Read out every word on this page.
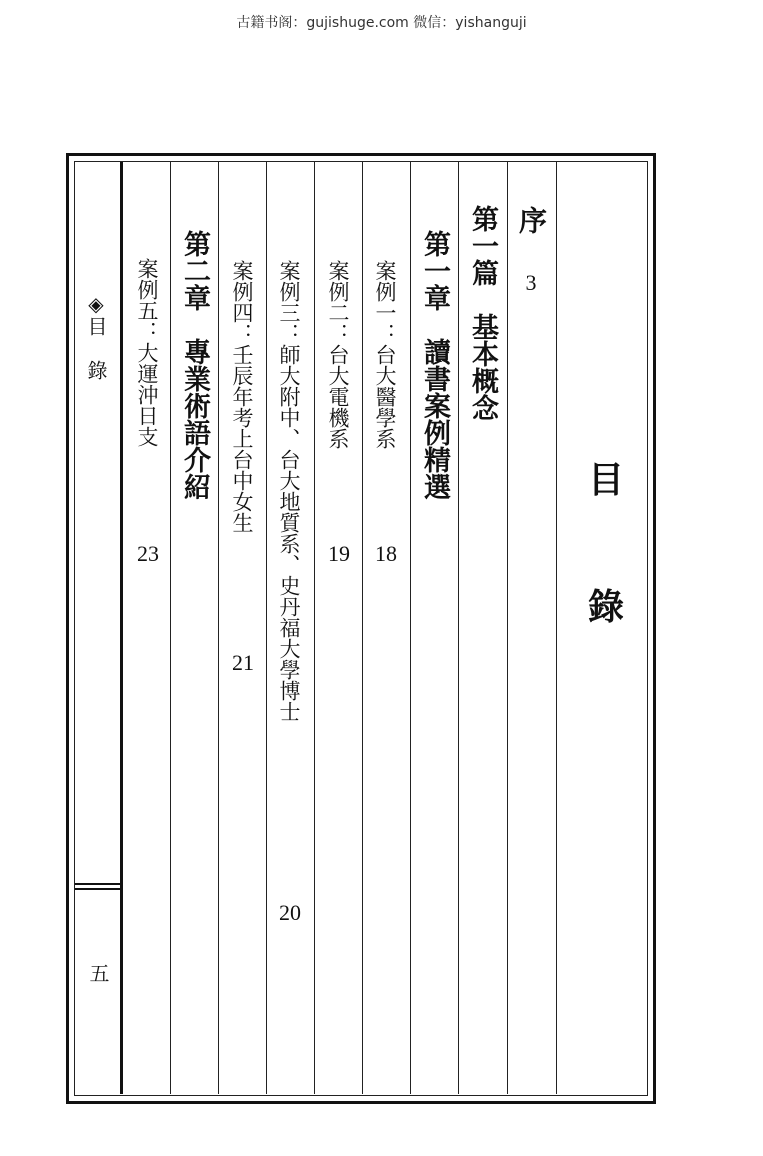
古籍书阁：gujishuge.com 微信：yishanguji
◈目 錄
五
目
錄
序
3
第一篇　基本概念
第一章　讀書案例精選
案例一：台大醫學系
18
案例二：台大電機系
19
案例三：師大附中、台大地質系、史丹福大學博士
20
案例四：壬辰年考上台中女生
21
第二章　專業術語介紹
案例五：大運沖日支
23
